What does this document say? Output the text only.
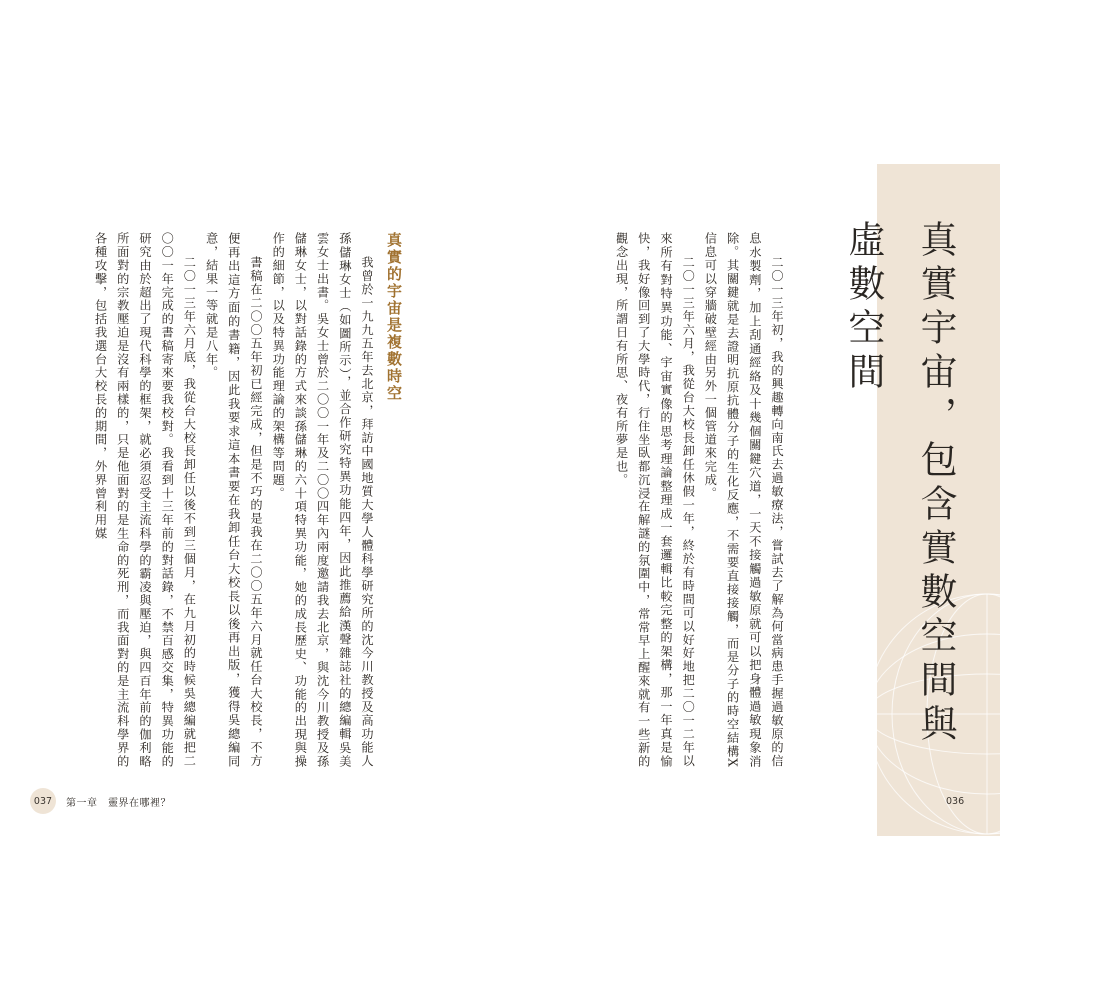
真實宇宙，包含實數空間與虛數空間

二〇一三年初，我的興趣轉向南氏去過敏療法，嘗試去了解為何當病患手握過敏原的信息水製劑，加上刮通經絡及十幾個關鍵穴道，一天不接觸過敏原就可以把身體過敏現象消除。其關鍵就是去證明抗原抗體分子的生化反應，不需要直接接觸，而是分子的時空結構X信息可以穿牆破壁經由另外一個管道來完成。

二〇一三年六月，我從台大校長卸任休假一年，終於有時間可以好好地把二〇一二年以來所有對特異功能、宇宙實像的思考理論整理成一套邏輯比較完整的架構，那一年真是愉快，我好像回到了大學時代，行住坐臥都沉浸在解謎的氛圍中，常常早上醒來就有一些新的觀念出現，所謂日有所思、夜有所夢是也。

真實的宇宙是複數時空

我曾於一九九五年去北京，拜訪中國地質大學人體科學研究所的沈今川教授及高功能人孫儲琳女士（如圖所示），並合作研究特異功能四年，因此推薦給漢聲雜誌社的總編輯吳美雲女士出書。吳女士曾於二〇〇一年及二〇〇四年內兩度邀請我去北京，與沈今川教授及孫儲琳女士，以對話錄的方式來談孫儲琳的六十項特異功能，她的成長歷史、功能的出現與操作的細節，以及特異功能理論的架構等問題。

書稿在二〇〇五年初已經完成，但是不巧的是我在二〇〇五年六月就任台大校長，不方便再出這方面的書籍，因此我要求這本書要在我卸任台大校長以後再出版，獲得吳總編同意，結果一等就是八年。

二〇一三年六月底，我從台大校長卸任以後不到三個月，在九月初的時候吳總編就把二〇〇一年完成的書稿寄來要我校對。我看到十三年前的對話錄，不禁百感交集，特異功能的研究由於超出了現代科學的框架，就必須忍受主流科學的霸凌與壓迫，與四百年前的伽利略所面對的宗教壓迫是沒有兩樣的，只是他面對的是生命的死刑，而我面對的是主流科學界的各種攻擊，包括我選台大校長的期間，外界曾利用媒

037	第一章　靈界在哪裡？	036
